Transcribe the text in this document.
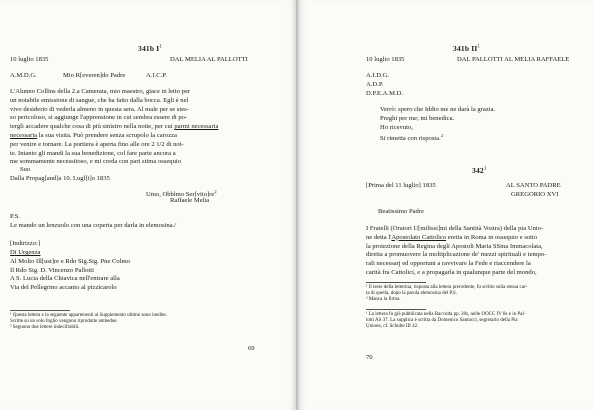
341b $I^1$
10 luglio 1835	DAL MELIA AL PALLOTTI
A.M.D.G.	Mio R[everen]do Padre	A.I.C.P.

L'Alunno Collins della 2.a Camerata, mio maestro, giace in letto per

un notabile emissione di sangue, che ha fatto dalla bocca. Egli è nel

vivo desiderio di vederla almeno in questa sera. Al male per se stes-

so pericoloso, si aggiunge l'apprensione in cui sembra essere di po-

tergli accadere qualche cosa di più sinistro nella notte, per cui parmi necessaria

necessaria la sua visita. Può prendere senza scrupolo la carozza

per venire e tornare. La portiera è aperta fino alle ore 2 1/2 di not-

te. Intanto gli mandi la sua benedizione, col fare parte ancora a

me sommamente necessitoso, e mi creda con pari stima ossequio

Suo
Dalla Propag[and]a 10. Lugl[i]o 1835
Umo, Obblmo $Ser[vito]re^2$
Raffaele Melia
P.S.
Le mando un lenzuolo con una coperta per darla in elemosina./
[Indirizzo:]

Di Urgenza

Al Molto Ill[ust]re e Rdo Sig.Sig. Pne Colmo

Il Rdo Sig. D. Vincenzo Pallotti

A S. Lucia della Chiavica nell'entrare alla

Via del Pellegrino accanto al pizzicarolo

¹ Questa lettera e la seguente appartenenti al Supplemento ultimo sono inedite.

Scritte su un solo foglio vengono riprodotte ambedue.

² Seguono due lettere indecifrabili.

69
341b $II^1$
10 luglio 1835	DAL PALLOTTI AL MELIA RAFFAELE

A.I.D.G.

A.D.P.

D.P.E.A.M.D.

Verrò: spero che Iddio me ne darà la grazia.

Preghi per me; mi benedica.

Ho ricevuto,

Si rimetta con risposta.$^2$

$342^1$
[Prima del 11 luglio] 1835	AL SANTO PADRE
GREGORIO XVI
Beatissimo Padre

I Fratelli (Oratori U[milissi]mi della Santità Vostra) della pia Unio-

ne detta l'Apostolato Cattolico eretta in Roma in ossequio e sotto

la protezione della Regina degli Apostoli Maria SSma Immacolata,

diretta a promuovere la moltiplicazione de' mezzi spirituali e tempo-

rali necessarj ed opportuni a ravvivare la Fede e riaccendere la

carità fra Cattolici, e a propagarla in qualunque parte del mondo,

¹ Il testo della letterina, risposta alla lettera precedente, fu scritto sulla stessa car-

ta di quella, dopo la parola elemosina del P.S.

² Manca la firma.

¹ La lettera fu già pubblicata nella Raccolta pp. 20s, nelle OOCC IV 8s e in Pal-

lotti AS 37. La supplica è scritta da Domenico Santucci, segretario della Pia

Unione, cf. Schulte III 42.

70
